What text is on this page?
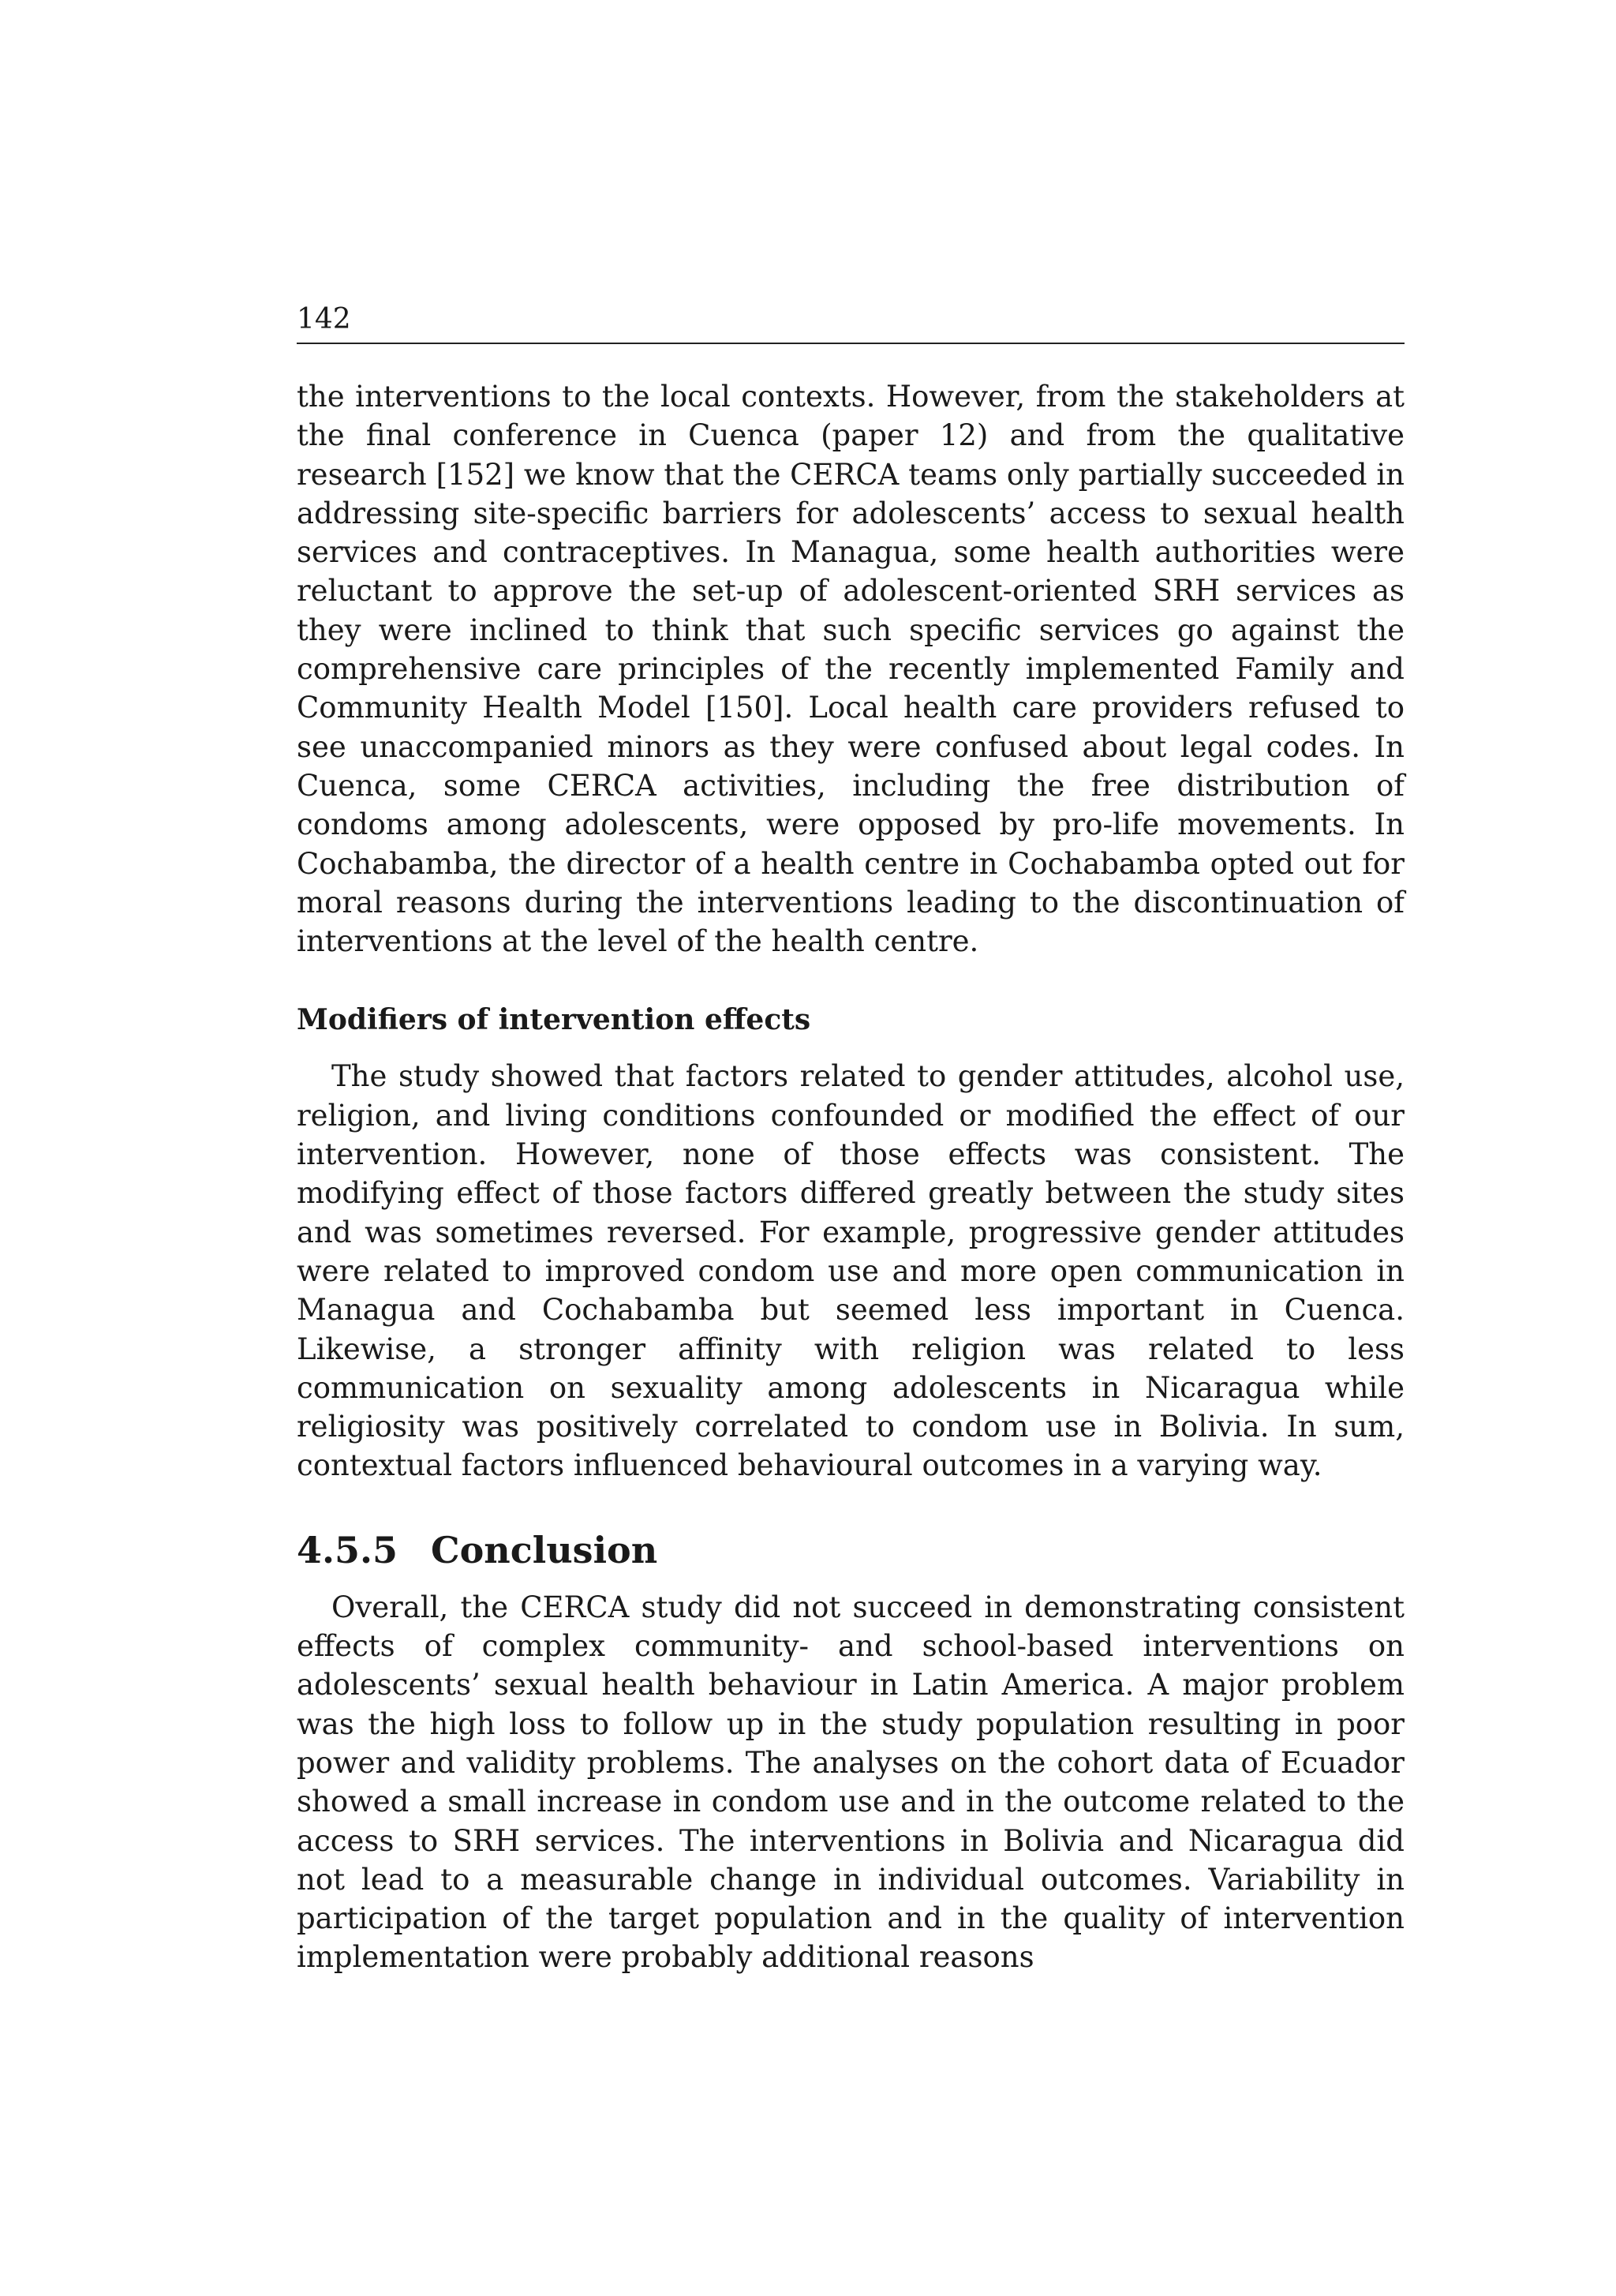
142

the interventions to the local contexts. However, from the stakeholders at the final conference in Cuenca (paper 12) and from the qualitative research [152] we know that the CERCA teams only partially succeeded in addressing site-specific barriers for adolescents’ access to sexual health services and contraceptives. In Managua, some health authorities were reluctant to approve the set-up of adolescent-oriented SRH services as they were inclined to think that such specific services go against the comprehensive care principles of the recently implemented Family and Community Health Model [150]. Local health care providers refused to see unaccompanied minors as they were confused about legal codes. In Cuenca, some CERCA activities, including the free distribution of condoms among adolescents, were opposed by pro-life movements. In Cochabamba, the director of a health centre in Cochabamba opted out for moral reasons during the interventions leading to the discontinuation of interventions at the level of the health centre.

Modifiers of intervention effects

The study showed that factors related to gender attitudes, alcohol use, religion, and living conditions confounded or modified the effect of our intervention. However, none of those effects was consistent. The modifying effect of those factors differed greatly between the study sites and was sometimes reversed. For example, progressive gender attitudes were related to improved condom use and more open communication in Managua and Cochabamba but seemed less important in Cuenca. Likewise, a stronger affinity with religion was related to less communication on sexuality among adolescents in Nicaragua while religiosity was positively correlated to condom use in Bolivia. In sum, contextual factors influenced behavioural outcomes in a varying way.

4.5.5 Conclusion

Overall, the CERCA study did not succeed in demonstrating consistent effects of complex community- and school-based interventions on adolescents’ sexual health behaviour in Latin America. A major problem was the high loss to follow up in the study population resulting in poor power and validity problems. The analyses on the cohort data of Ecuador showed a small increase in condom use and in the outcome related to the access to SRH services. The interventions in Bolivia and Nicaragua did not lead to a measurable change in individual outcomes. Variability in participation of the target population and in the quality of intervention implementation were probably additional reasons
